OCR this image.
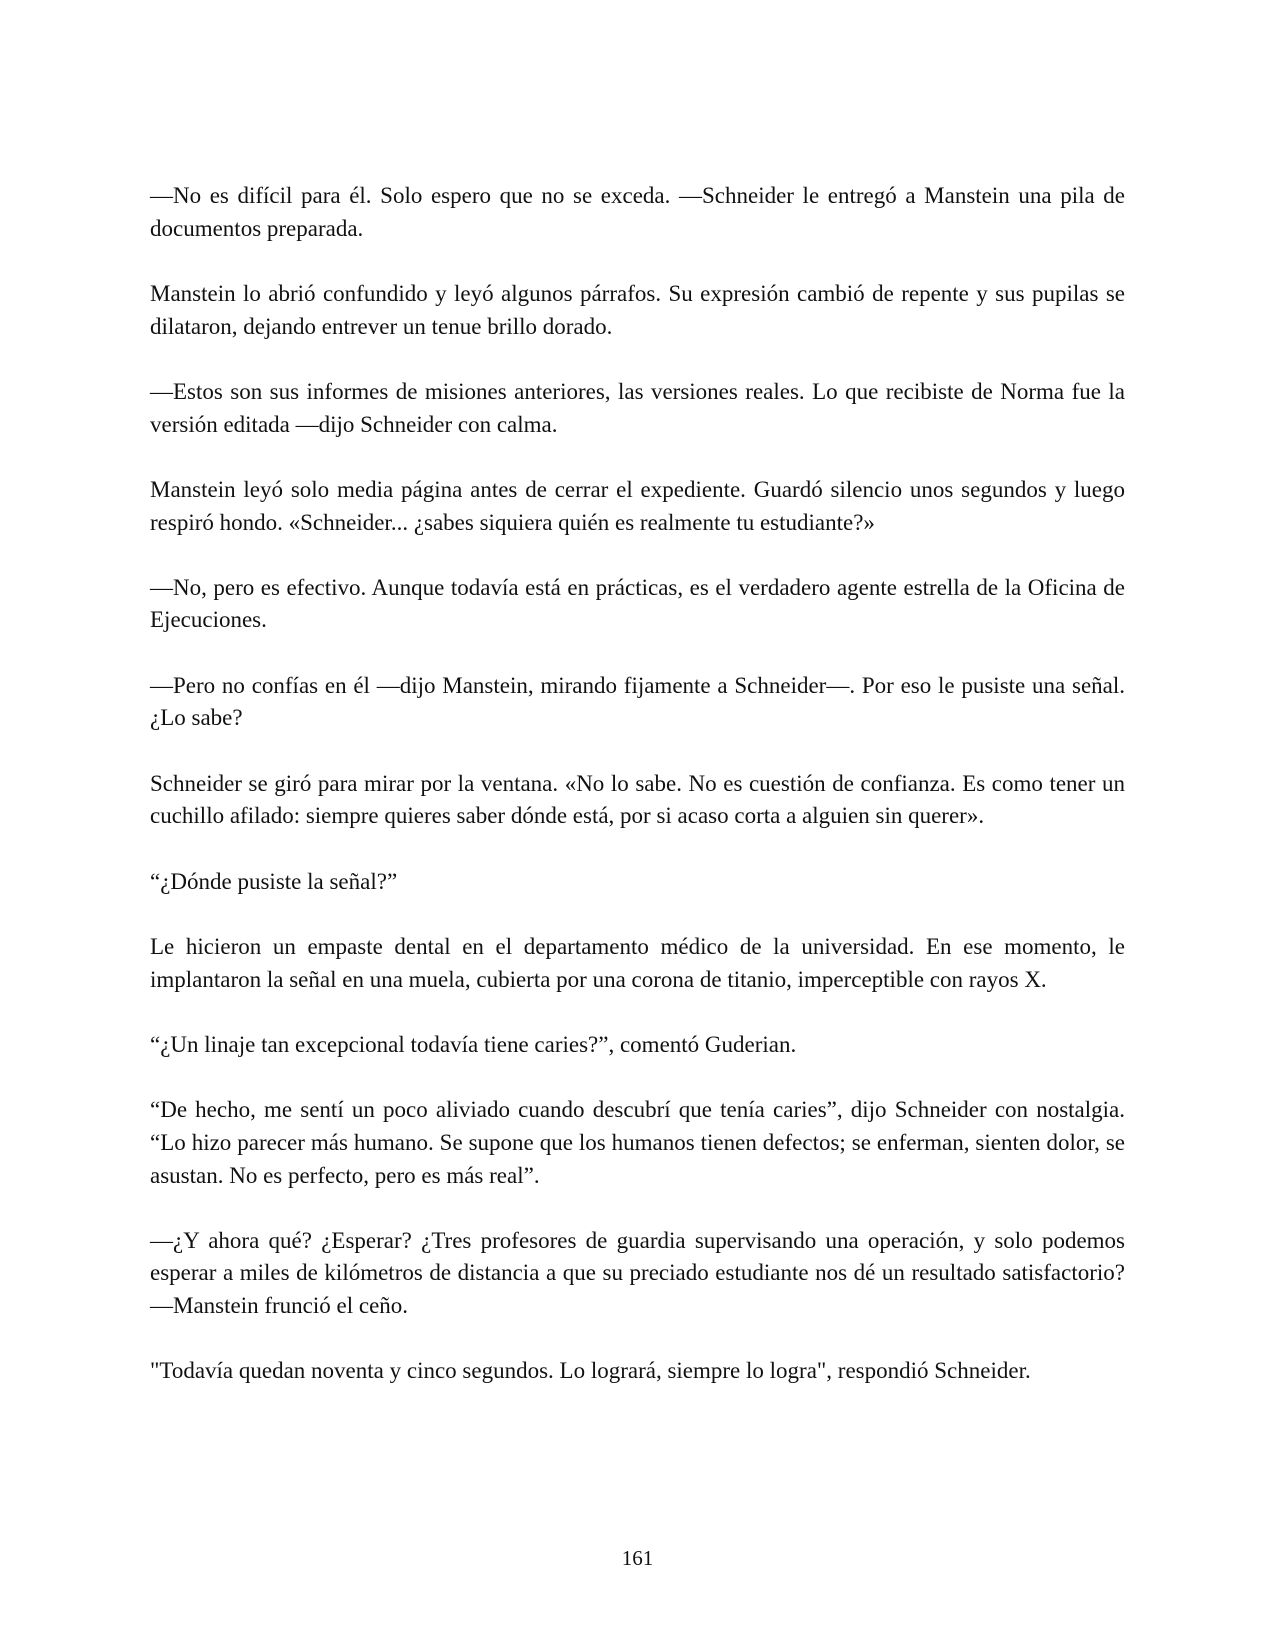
—No es difícil para él. Solo espero que no se exceda. —Schneider le entregó a Manstein una pila de documentos preparada.

Manstein lo abrió confundido y leyó algunos párrafos. Su expresión cambió de repente y sus pupilas se dilataron, dejando entrever un tenue brillo dorado.

—Estos son sus informes de misiones anteriores, las versiones reales. Lo que recibiste de Norma fue la versión editada —dijo Schneider con calma.

Manstein leyó solo media página antes de cerrar el expediente. Guardó silencio unos segundos y luego respiró hondo. «Schneider... ¿sabes siquiera quién es realmente tu estudiante?»

—No, pero es efectivo. Aunque todavía está en prácticas, es el verdadero agente estrella de la Oficina de Ejecuciones.

—Pero no confías en él —dijo Manstein, mirando fijamente a Schneider—. Por eso le pusiste una señal. ¿Lo sabe?

Schneider se giró para mirar por la ventana. «No lo sabe. No es cuestión de confianza. Es como tener un cuchillo afilado: siempre quieres saber dónde está, por si acaso corta a alguien sin querer».

“¿Dónde pusiste la señal?”

Le hicieron un empaste dental en el departamento médico de la universidad. En ese momento, le implantaron la señal en una muela, cubierta por una corona de titanio, imperceptible con rayos X.

“¿Un linaje tan excepcional todavía tiene caries?”, comentó Guderian.

“De hecho, me sentí un poco aliviado cuando descubrí que tenía caries”, dijo Schneider con nostalgia. “Lo hizo parecer más humano. Se supone que los humanos tienen defectos; se enferman, sienten dolor, se asustan. No es perfecto, pero es más real”.

—¿Y ahora qué? ¿Esperar? ¿Tres profesores de guardia supervisando una operación, y solo podemos esperar a miles de kilómetros de distancia a que su preciado estudiante nos dé un resultado satisfactorio? —Manstein frunció el ceño.

"Todavía quedan noventa y cinco segundos. Lo logrará, siempre lo logra", respondió Schneider.

161
